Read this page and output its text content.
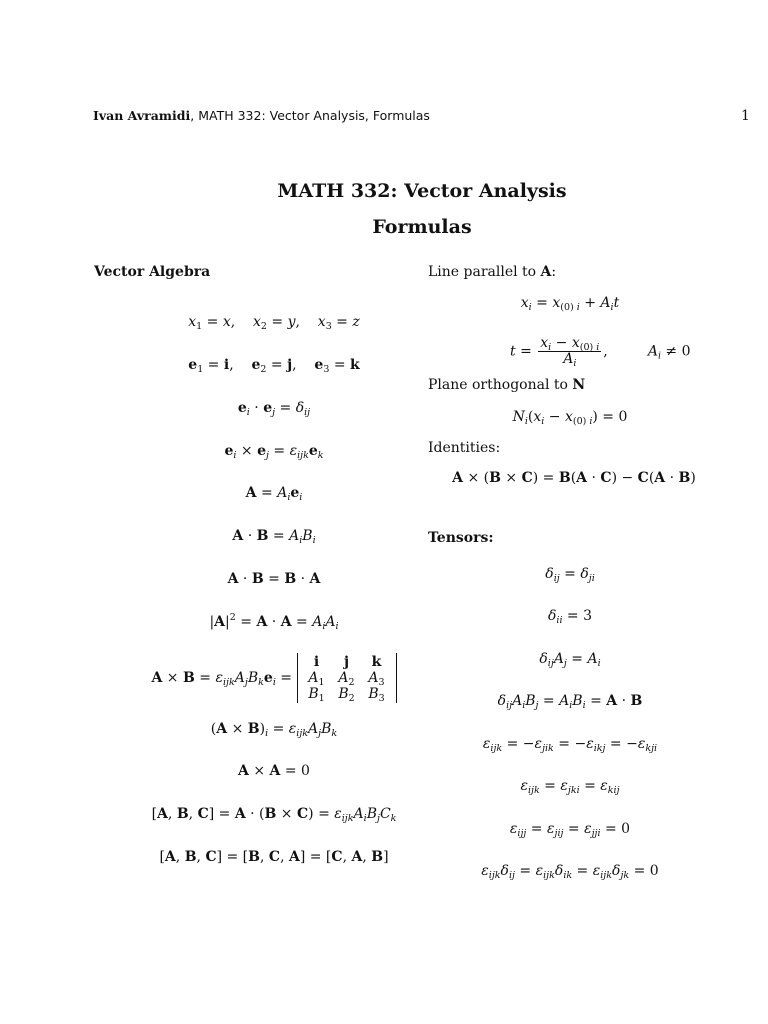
Ivan Avramidi, MATH 332: Vector Analysis, Formulas	1
MATH 332: Vector Analysis
Formulas
Vector Algebra
$x_1 = x$,    $x_2 = y$,    $x_3 = z$
$e_1 = i$,    $e_2 = j$,    $e_3 = k$
$e_i \cdot e_j = \delta_{ij}$
$e_i \times e_j = \varepsilon_{ijk}e_k$
$A = A_ie_i$
$A \cdot B = A_iB_i$
A · B = B · A
$|A|^2 = A \cdot A = A_iA_i$
$A \times B = \varepsilon_{ijk}A_jB_ke_i$ =
i	j	k
$A_1$ $A_2$ $A_3$
$B_1$ $B_2$ $B_3$
$(A \times B)_i = \varepsilon_{ijk}A_jB_k$
A × A = 0
[A, B, $C] = A \cdot (B \times C) = \varepsilon_{ijk}A_iB_jC_k$
[A, B, C] = [B, C, A] = [C, A, B]
Line parallel to A:
$x_i = x_{(0) i} + A_it$
$t = \frac{x_i - x_{(0) i}}{A_i}$ ,         $A_i \ne 0$
Plane orthogonal to N
$N_i(x_i - x_{(0) i}) = 0$
Identities:
A × (B × C) = B(A · C) − C(A · B)
Tensors:
$\delta_{ij} = \delta_{ji}$
$\delta_{ii} = 3$
$\delta_{ij}A_j = A_i$
$\delta_{ij}A_iB_j = A_iB_i = A \cdot B$
$\varepsilon_{ijk} = -\varepsilon_{jik} = -\varepsilon_{ikj} = -\varepsilon_{kji}$
$\varepsilon_{ijk} = \varepsilon_{jki} = \varepsilon_{kij}$
$\varepsilon_{ijj} = \varepsilon_{jij} = \varepsilon_{jji} = 0$
$\varepsilon_{ijk}\delta_{ij} = \varepsilon_{ijk}\delta_{ik} = \varepsilon_{ijk}\delta_{jk} = 0$
